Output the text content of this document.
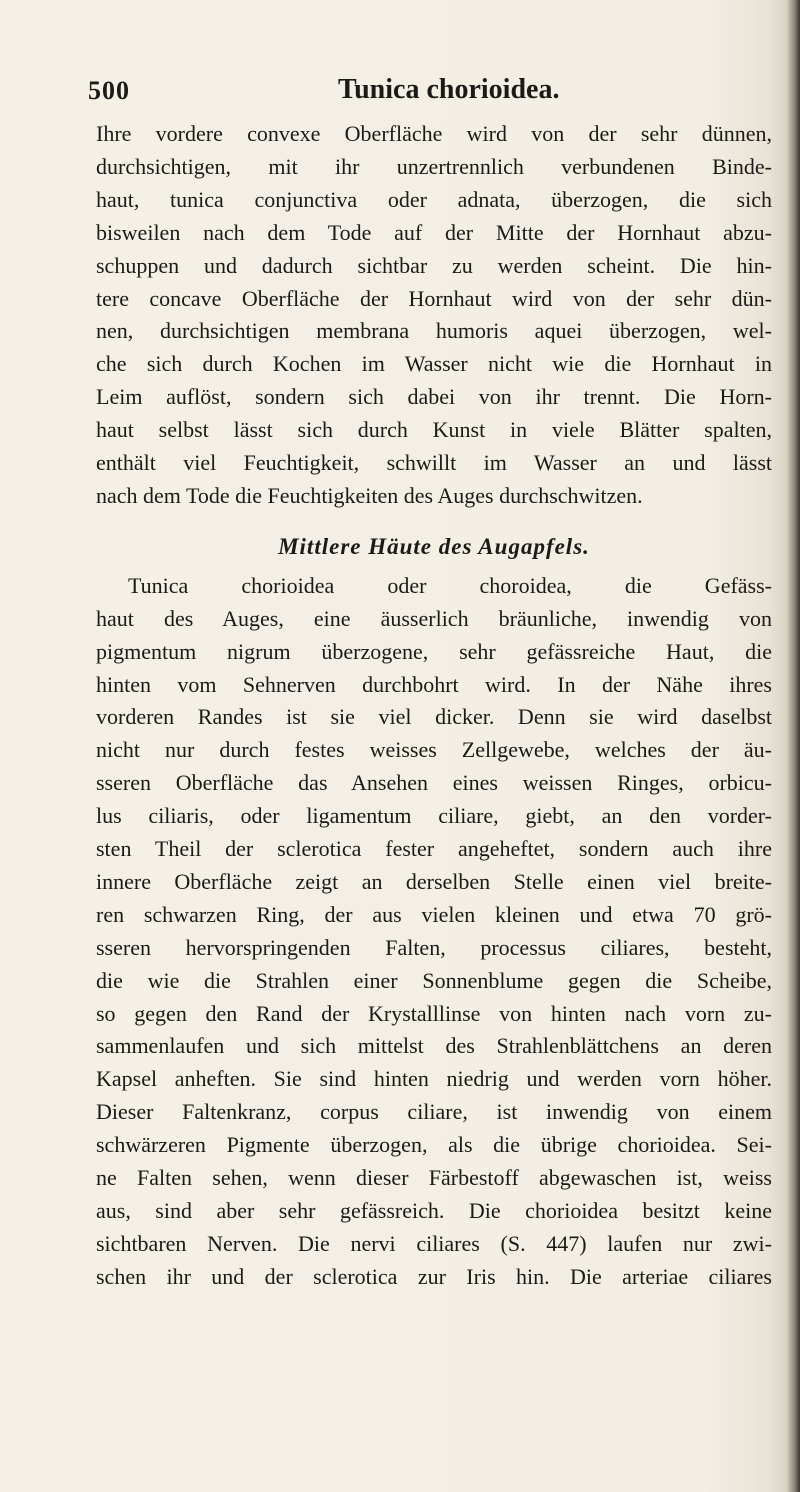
500	Tunica chorioidea.
Ihre vordere convexe Oberfläche wird von der sehr dünnen,
durchsichtigen, mit ihr unzertrennlich verbundenen Binde-
haut, tunica conjunctiva oder adnata, überzogen, die sich
bisweilen nach dem Tode auf der Mitte der Hornhaut abzu-
schuppen und dadurch sichtbar zu werden scheint. Die hin-
tere concave Oberfläche der Hornhaut wird von der sehr dün-
nen, durchsichtigen membrana humoris aquei überzogen, wel-
che sich durch Kochen im Wasser nicht wie die Hornhaut in
Leim auflöst, sondern sich dabei von ihr trennt. Die Horn-
haut selbst lässt sich durch Kunst in viele Blätter spalten,
enthält viel Feuchtigkeit, schwillt im Wasser an und lässt
nach dem Tode die Feuchtigkeiten des Auges durchschwitzen.
Mittlere Häute des Augapfels.
Tunica chorioidea oder choroidea, die Gefäss-
haut des Auges, eine äusserlich bräunliche, inwendig von
pigmentum nigrum überzogene, sehr gefässreiche Haut, die
hinten vom Sehnerven durchbohrt wird. In der Nähe ihres
vorderen Randes ist sie viel dicker. Denn sie wird daselbst
nicht nur durch festes weisses Zellgewebe, welches der äu-
sseren Oberfläche das Ansehen eines weissen Ringes, orbicu-
lus ciliaris, oder ligamentum ciliare, giebt, an den vorder-
sten Theil der sclerotica fester angeheftet, sondern auch ihre
innere Oberfläche zeigt an derselben Stelle einen viel breite-
ren schwarzen Ring, der aus vielen kleinen und etwa 70 grö-
sseren hervorspringenden Falten, processus ciliares, besteht,
die wie die Strahlen einer Sonnenblume gegen die Scheibe,
so gegen den Rand der Krystalllinse von hinten nach vorn zu-
sammenlaufen und sich mittelst des Strahlenblättchens an deren
Kapsel anheften. Sie sind hinten niedrig und werden vorn höher.
Dieser Faltenkranz, corpus ciliare, ist inwendig von einem
schwärzeren Pigmente überzogen, als die übrige chorioidea. Sei-
ne Falten sehen, wenn dieser Färbestoff abgewaschen ist, weiss
aus, sind aber sehr gefässreich. Die chorioidea besitzt keine
sichtbaren Nerven. Die nervi ciliares (S. 447) laufen nur zwi-
schen ihr und der sclerotica zur Iris hin. Die arteriae ciliares
